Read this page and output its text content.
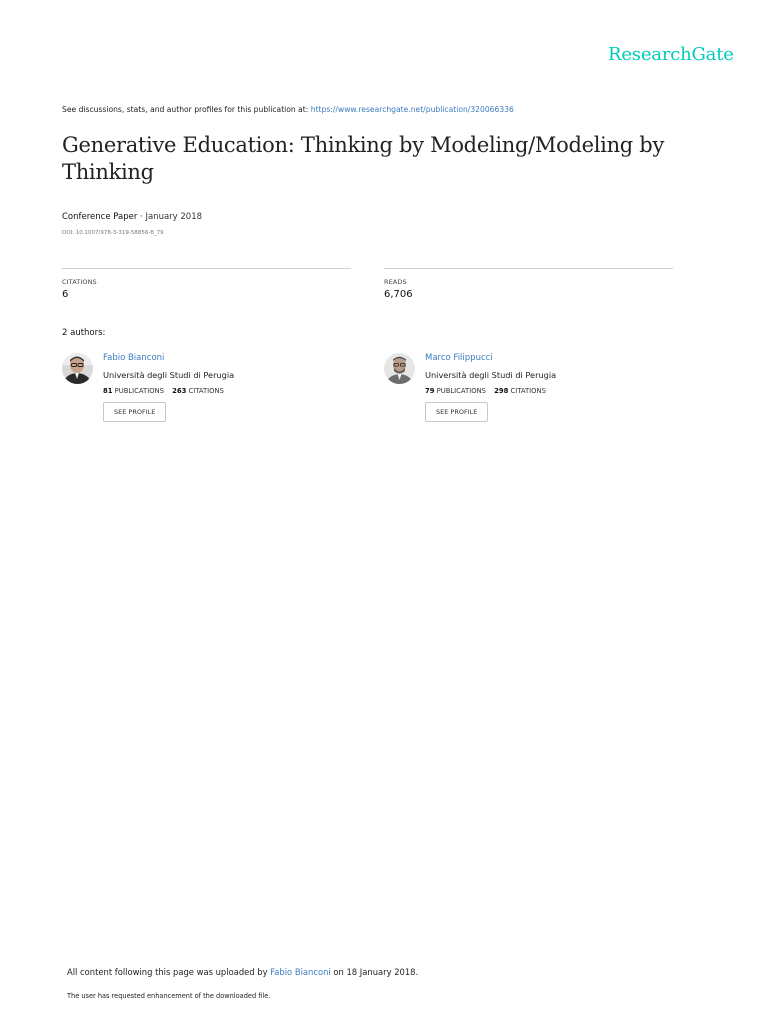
ResearchGate
See discussions, stats, and author profiles for this publication at: https://www.researchgate.net/publication/320066336
Generative Education: Thinking by Modeling/Modeling by Thinking
Conference Paper · January 2018
DOI: 10.1007/978-3-319-58856-8_79
CITATIONS
6
READS
6,706
2 authors:
Fabio Bianconi
Università degli Studi di Perugia
81 PUBLICATIONS 263 CITATIONS
SEE PROFILE
Marco Filippucci
Università degli Studi di Perugia
79 PUBLICATIONS 298 CITATIONS
SEE PROFILE
All content following this page was uploaded by Fabio Bianconi on 18 January 2018.
The user has requested enhancement of the downloaded file.
